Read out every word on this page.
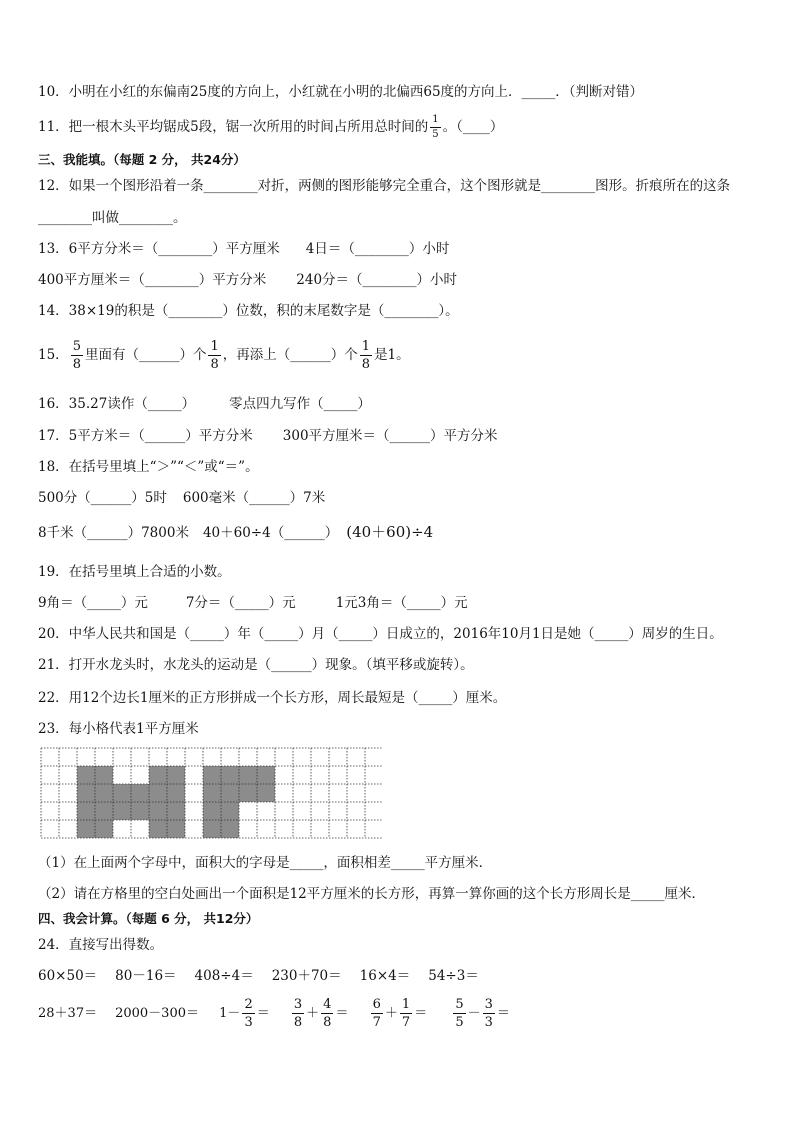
10．小明在小红的东偏南25度的方向上，小红就在小明的北偏西65度的方向上．_____．（判断对错）
11．把一根木头平均锯成5段，锯一次所用的时间占所用总时间的 $\frac{1}{5}$ 。（____）
三、我能填。（每题 2 分， 共24分）
12．如果一个图形沿着一条________对折，两侧的图形能够完全重合，这个图形就是________图形。折痕所在的这条
________叫做________。
13．6平方分米＝（________）平方厘米 4日＝（________）小时
400平方厘米＝（________）平方分米 240分＝（________）小时
14．38×19的积是（________）位数，积的末尾数字是（________）。
15． $\frac{5}{8}$ 里面有（______）个 $\frac{1}{8}$ ，再添上（______）个 $\frac{1}{8}$ 是1。
16．35.27读作（_____）	零点四九写作（_____）
17．5平方米＝（______）平方分米 300平方厘米＝（______）平方分米
18．在括号里填上“＞”“＜”或“＝”。
500分（______）5时 600毫米（______）7米
8千米（______）7800米 40＋60÷4（______） (40＋60)÷4
19．在括号里填上合适的小数。
9角＝（_____）元	7分＝（_____）元	1元3角＝（_____）元
20．中华人民共和国是（_____）年（_____）月（_____）日成立的，2016年10月1日是她（_____）周岁的生日。
21．打开水龙头时，水龙头的运动是（______）现象。（填平移或旋转）。
22．用12个边长1厘米的正方形拼成一个长方形，周长最短是（_____）厘米。
23．每小格代表1平方厘米
（1）在上面两个字母中，面积大的字母是_____，面积相差_____平方厘米．
（2）请在方格里的空白处画出一个面积是12平方厘米的长方形，再算一算你画的这个长方形周长是_____厘米．
四、我会计算。（每题 6 分， 共12分）
24．直接写出得数。
60×50＝ 80－16＝ 408÷4＝ 230＋70＝ 16×4＝ 54÷3＝
$28+37= 2000-300= 1- \frac{2}{3} = \frac{3}{8} + \frac{4}{8} = \frac{6}{7} + \frac{1}{7} = \frac{5}{5} - \frac{3}{3}$ ＝
